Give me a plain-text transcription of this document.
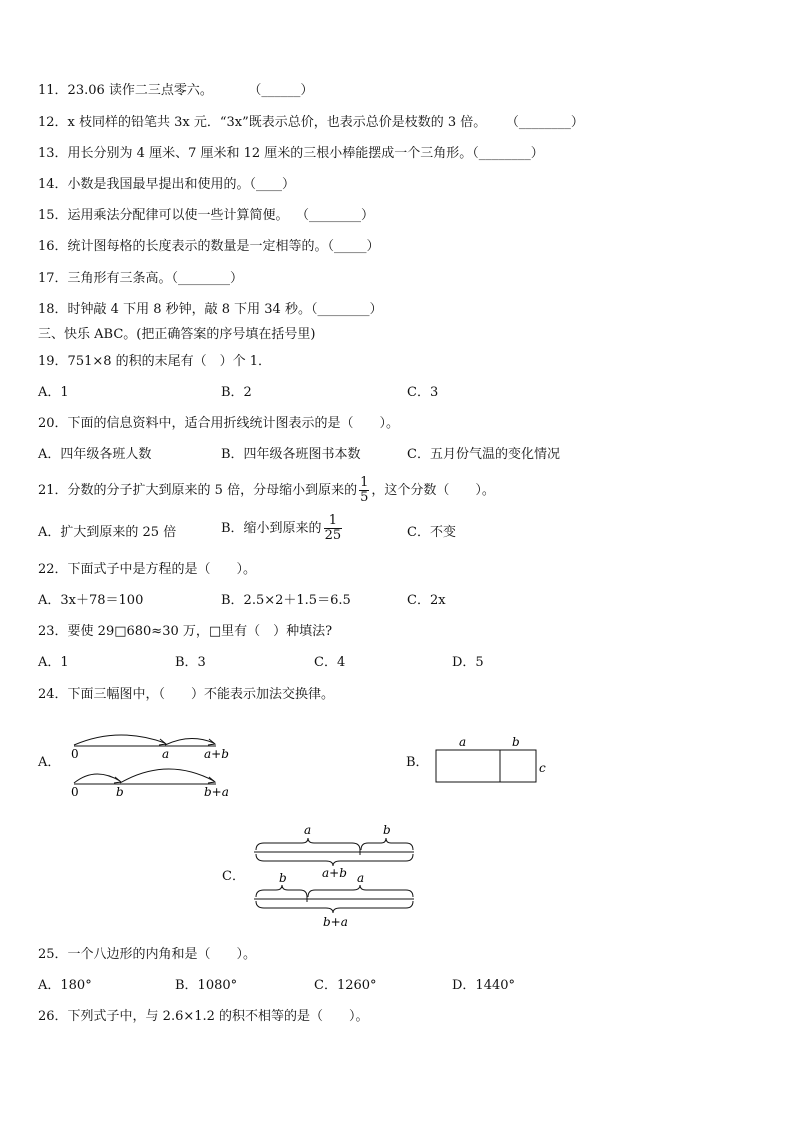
11．23.06 读作二三点零六。	（______）
12．x 枝同样的铅笔共 3x 元．“3x”既表示总价，也表示总价是枝数的 3 倍。 （________）
13．用长分别为 4 厘米、7 厘米和 12 厘米的三根小棒能摆成一个三角形。（________）
14．小数是我国最早提出和使用的。（____）
15．运用乘法分配律可以使一些计算简便。 （________）
16．统计图每格的长度表示的数量是一定相等的。（_____）
17．三角形有三条高。（________）
18．时钟敲 4 下用 8 秒钟，敲 8 下用 34 秒。（________）
三、快乐 ABC。(把正确答案的序号填在括号里)
19．751×8 的积的末尾有（　）个 1．
A．1	B．2	C．3
20．下面的信息资料中，适合用折线统计图表示的是（　　）。
A．四年级各班人数	B．四年级各班图书本数	C．五月份气温的变化情况
21．分数的分子扩大到原来的 5 倍，分母缩小到原来的 $\frac{1}{5}$ ，这个分数（　　）。
A．扩大到原来的 25 倍	B．缩小到原来的 $\frac{1}{25}$	C．不变
22．下面式子中是方程的是（　　）。
A．3x＋78＝100	B．2.5×2＋1.5＝6.5	C．2x
23．要使 29□680≈30 万，□里有（　）种填法?
A．1	B．3	C．4	D．5
24．下面三幅图中，（　　）不能表示加法交换律。
A．
0	a	a+b
0	b	b+a
B．
a	b
c
C．
a	b
a+b
b	a
b+a
25．一个八边形的内角和是（　　）。
A．180°	B．1080°	C．1260°	D．1440°
26．下列式子中，与 2.6×1.2 的积不相等的是（　　）。
